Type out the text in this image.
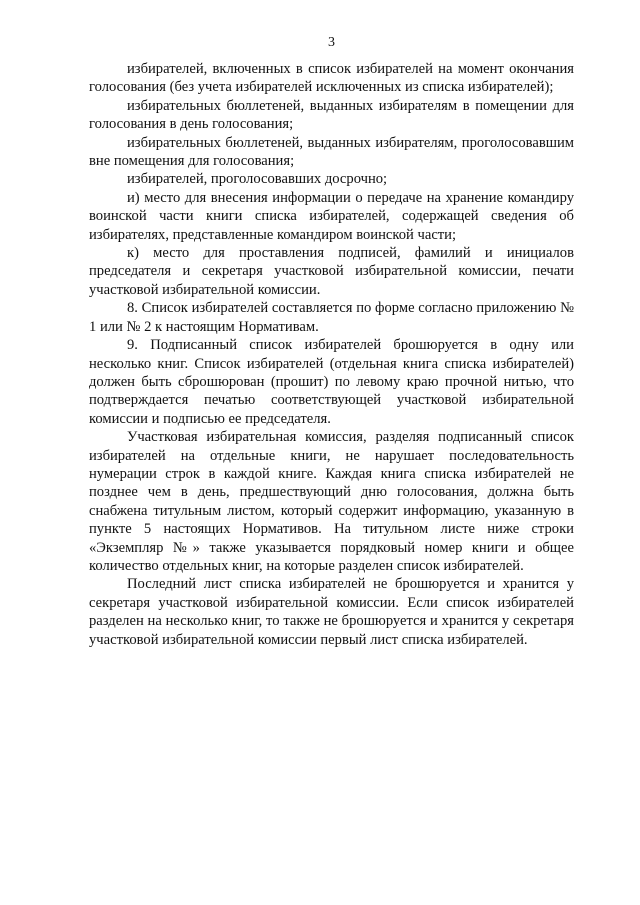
3

избирателей, включенных в список избирателей на момент окончания голосования (без учета избирателей исключенных из списка избирателей);

избирательных бюллетеней, выданных избирателям в помещении для голосования в день голосования;

избирательных бюллетеней, выданных избирателям, проголосовавшим вне помещения для голосования;

избирателей, проголосовавших досрочно;

и) место для внесения информации о передаче на хранение командиру воинской части книги списка избирателей, содержащей сведения об избирателях, представленные командиром воинской части;

к) место для проставления подписей, фамилий и инициалов председателя и секретаря участковой избирательной комиссии, печати участковой избирательной комиссии.

8. Список избирателей составляется по форме согласно приложению № 1 или № 2 к настоящим Нормативам.

9. Подписанный список избирателей брошюруется в одну или несколько книг. Список избирателей (отдельная книга списка избирателей) должен быть сброшюрован (прошит) по левому краю прочной нитью, что подтверждается печатью соответствующей участковой избирательной комиссии и подписью ее председателя.

Участковая избирательная комиссия, разделяя подписанный список избирателей на отдельные книги, не нарушает последовательность нумерации строк в каждой книге. Каждая книга списка избирателей не позднее чем в день, предшествующий дню голосования, должна быть снабжена титульным листом, который содержит информацию, указанную в пункте 5 настоящих Нормативов. На титульном листе ниже строки «Экземпляр №» также указывается порядковый номер книги и общее количество отдельных книг, на которые разделен список избирателей.

Последний лист списка избирателей не брошюруется и хранится у секретаря участковой избирательной комиссии. Если список избирателей разделен на несколько книг, то также не брошюруется и хранится у секретаря участковой избирательной комиссии первый лист списка избирателей.
